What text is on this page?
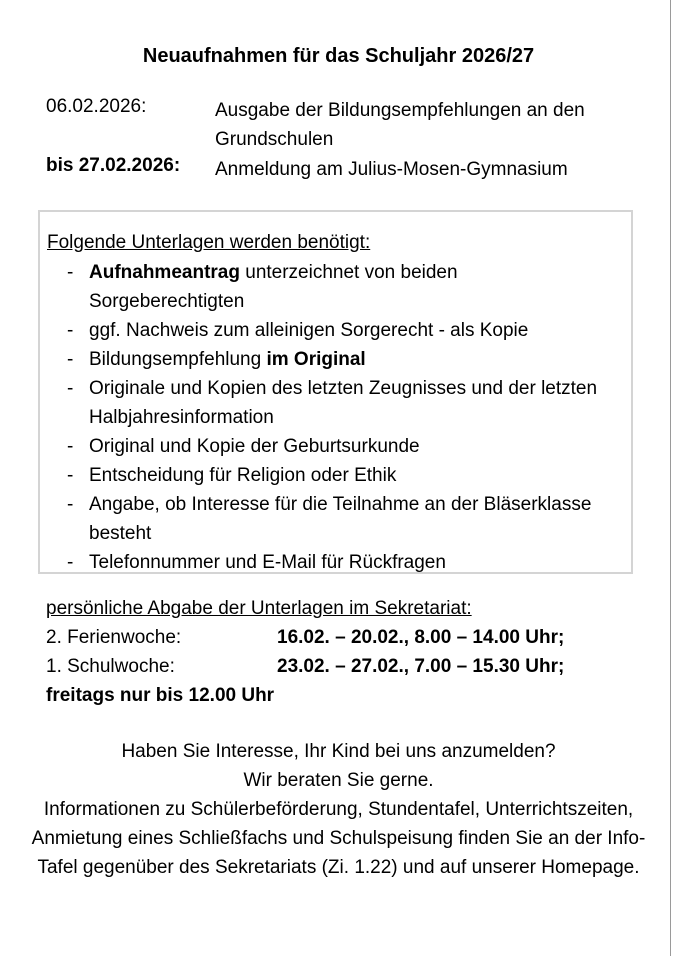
Neuaufnahmen für das Schuljahr 2026/27
06.02.2026:	Ausgabe der Bildungsempfehlungen an den Grundschulen
bis 27.02.2026: Anmeldung am Julius-Mosen-Gymnasium
Folgende Unterlagen werden benötigt:
- Aufnahmeantrag unterzeichnet von beiden Sorgeberechtigten
- ggf. Nachweis zum alleinigen Sorgerecht - als Kopie
- Bildungsempfehlung im Original
- Originale und Kopien des letzten Zeugnisses und der letzten Halbjahresinformation
- Original und Kopie der Geburtsurkunde
- Entscheidung für Religion oder Ethik
- Angabe, ob Interesse für die Teilnahme an der Bläserklasse besteht
- Telefonnummer und E-Mail für Rückfragen
persönliche Abgabe der Unterlagen im Sekretariat:
2. Ferienwoche:	16.02. – 20.02., 8.00 – 14.00 Uhr;
1. Schulwoche:	23.02. – 27.02., 7.00 – 15.30 Uhr;
freitags nur bis 12.00 Uhr
Haben Sie Interesse, Ihr Kind bei uns anzumelden?
Wir beraten Sie gerne.
Informationen zu Schülerbeförderung, Stundentafel, Unterrichtszeiten, Anmietung eines Schließfachs und Schulspeisung finden Sie an der Info-Tafel gegenüber des Sekretariats (Zi. 1.22) und auf unserer Homepage.
